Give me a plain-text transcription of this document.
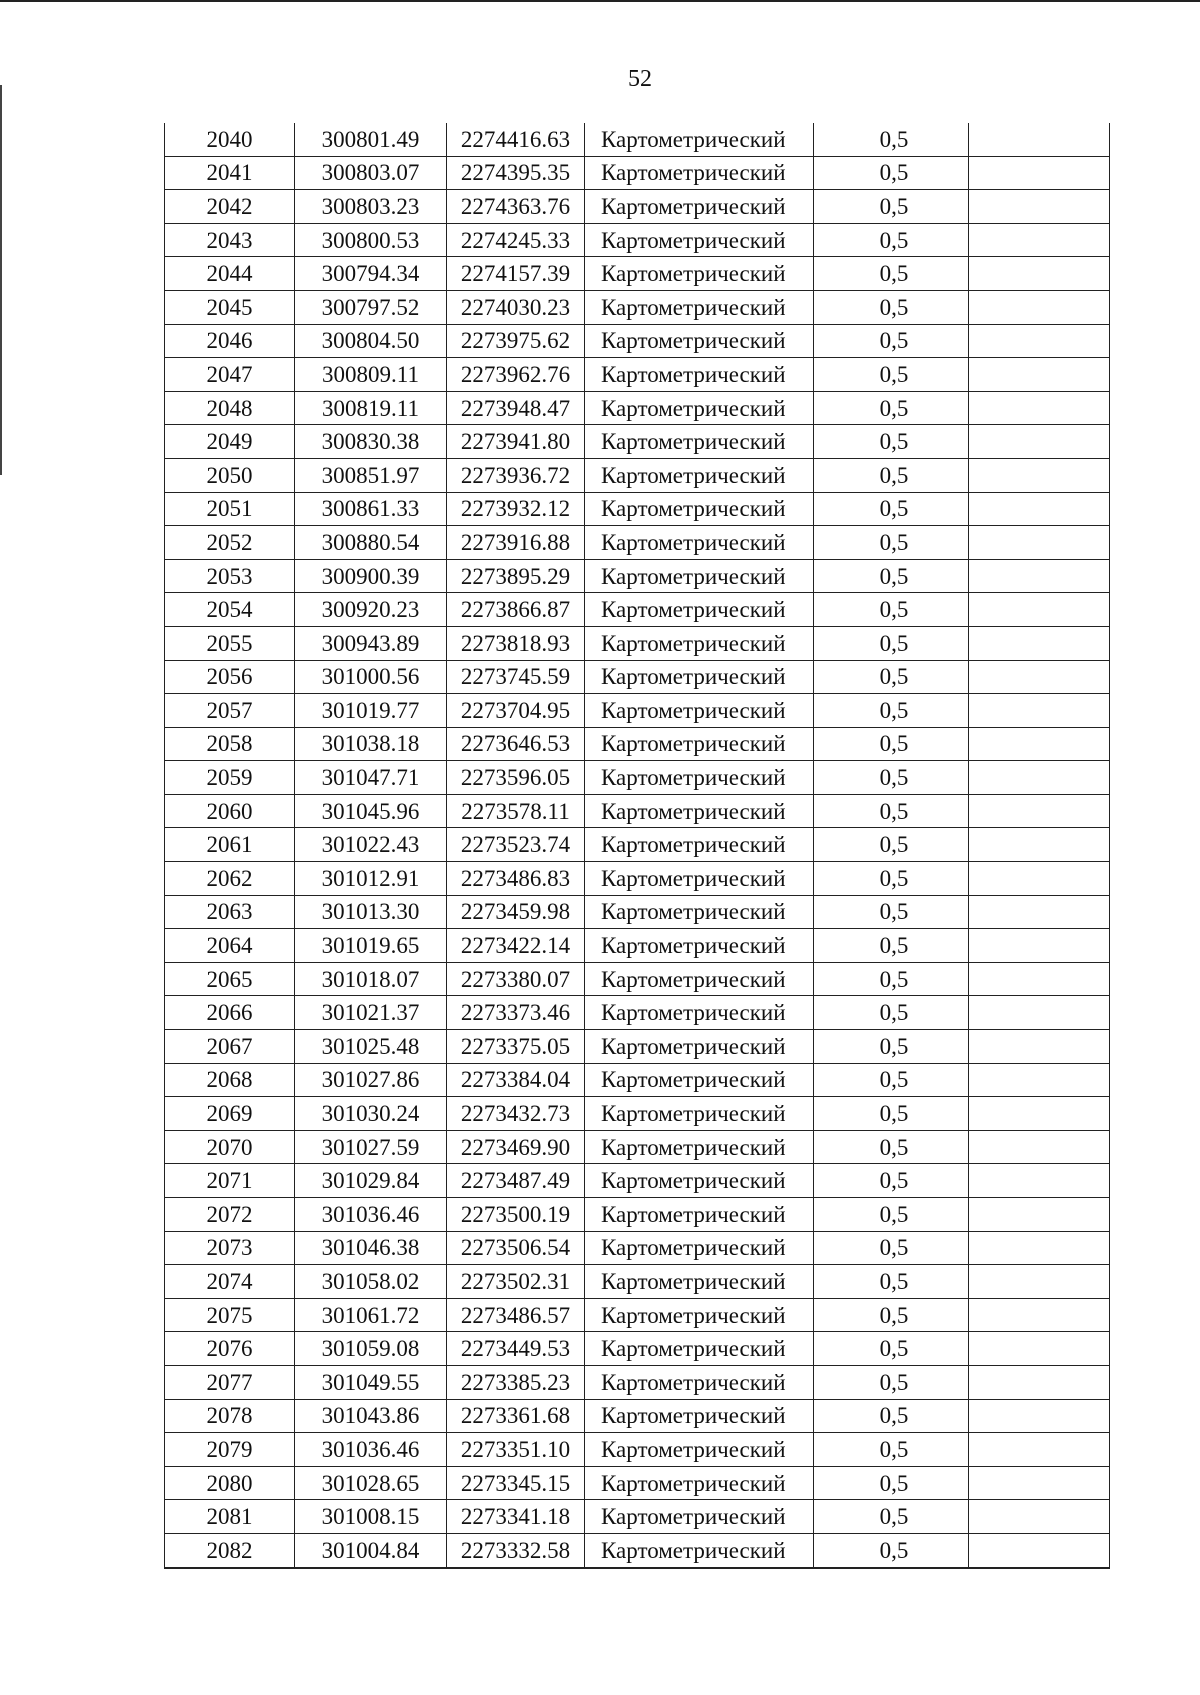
52
2040	300801.49	2274416.63	Картометрический	0,5	
2041	300803.07	2274395.35	Картометрический	0,5	
2042	300803.23	2274363.76	Картометрический	0,5	
2043	300800.53	2274245.33	Картометрический	0,5	
2044	300794.34	2274157.39	Картометрический	0,5	
2045	300797.52	2274030.23	Картометрический	0,5	
2046	300804.50	2273975.62	Картометрический	0,5	
2047	300809.11	2273962.76	Картометрический	0,5	
2048	300819.11	2273948.47	Картометрический	0,5	
2049	300830.38	2273941.80	Картометрический	0,5	
2050	300851.97	2273936.72	Картометрический	0,5	
2051	300861.33	2273932.12	Картометрический	0,5	
2052	300880.54	2273916.88	Картометрический	0,5	
2053	300900.39	2273895.29	Картометрический	0,5	
2054	300920.23	2273866.87	Картометрический	0,5	
2055	300943.89	2273818.93	Картометрический	0,5	
2056	301000.56	2273745.59	Картометрический	0,5	
2057	301019.77	2273704.95	Картометрический	0,5	
2058	301038.18	2273646.53	Картометрический	0,5	
2059	301047.71	2273596.05	Картометрический	0,5	
2060	301045.96	2273578.11	Картометрический	0,5	
2061	301022.43	2273523.74	Картометрический	0,5	
2062	301012.91	2273486.83	Картометрический	0,5	
2063	301013.30	2273459.98	Картометрический	0,5	
2064	301019.65	2273422.14	Картометрический	0,5	
2065	301018.07	2273380.07	Картометрический	0,5	
2066	301021.37	2273373.46	Картометрический	0,5	
2067	301025.48	2273375.05	Картометрический	0,5	
2068	301027.86	2273384.04	Картометрический	0,5	
2069	301030.24	2273432.73	Картометрический	0,5	
2070	301027.59	2273469.90	Картометрический	0,5	
2071	301029.84	2273487.49	Картометрический	0,5	
2072	301036.46	2273500.19	Картометрический	0,5	
2073	301046.38	2273506.54	Картометрический	0,5	
2074	301058.02	2273502.31	Картометрический	0,5	
2075	301061.72	2273486.57	Картометрический	0,5	
2076	301059.08	2273449.53	Картометрический	0,5	
2077	301049.55	2273385.23	Картометрический	0,5	
2078	301043.86	2273361.68	Картометрический	0,5	
2079	301036.46	2273351.10	Картометрический	0,5	
2080	301028.65	2273345.15	Картометрический	0,5	
2081	301008.15	2273341.18	Картометрический	0,5	
2082	301004.84	2273332.58	Картометрический	0,5	
